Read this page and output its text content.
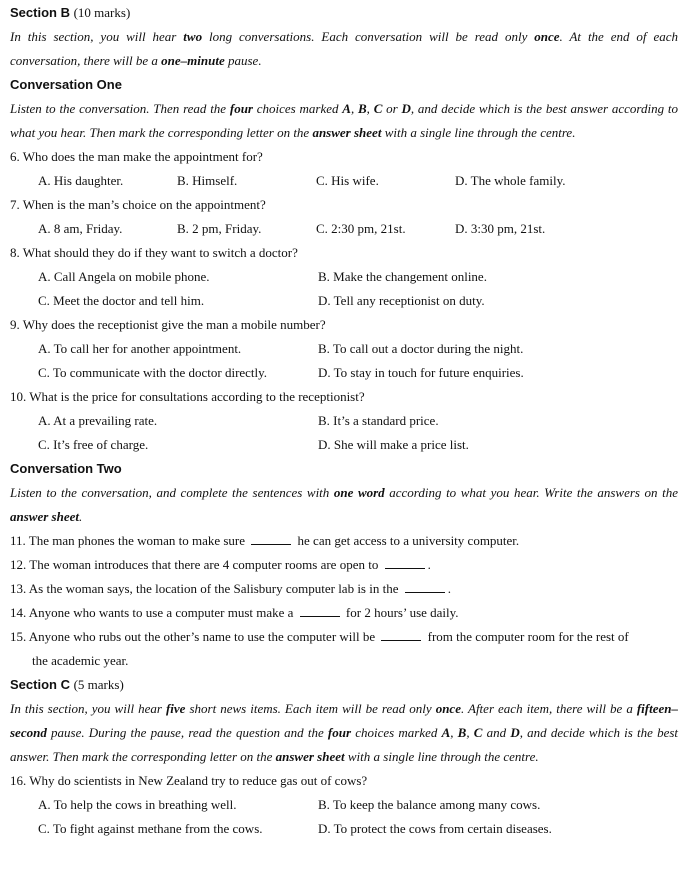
Section B (10 marks)
In this section, you will hear two long conversations. Each conversation will be read only once. At the end of each conversation, there will be a one–minute pause.
Conversation One
Listen to the conversation. Then read the four choices marked A, B, C or D, and decide which is the best answer according to what you hear. Then mark the corresponding letter on the answer sheet with a single line through the centre.
6. Who does the man make the appointment for?
A. His daughter.	B. Himself.	C. His wife.	D. The whole family.
7. When is the man’s choice on the appointment?
A. 8 am, Friday.	B. 2 pm, Friday.	C. 2:30 pm, 21st.	D. 3:30 pm, 21st.
8. What should they do if they want to switch a doctor?
A. Call Angela on mobile phone.	B. Make the changement online.
C. Meet the doctor and tell him.	D. Tell any receptionist on duty.
9. Why does the receptionist give the man a mobile number?
A. To call her for another appointment.	B. To call out a doctor during the night.
C. To communicate with the doctor directly.	D. To stay in touch for future enquiries.
10. What is the price for consultations according to the receptionist?
A. At a prevailing rate.	B. It’s a standard price.
C. It’s free of charge.	D. She will make a price list.
Conversation Two
Listen to the conversation, and complete the sentences with one word according to what you hear. Write the answers on the answer sheet.
11. The man phones the woman to make sure	he can get access to a university computer.
12. The woman introduces that there are 4 computer rooms are open to	.
13. As the woman says, the location of the Salisbury computer lab is in the	.
14. Anyone who wants to use a computer must make a	for 2 hours’ use daily.
15. Anyone who rubs out the other’s name to use the computer will be	from the computer room for the rest of
the academic year.
Section C (5 marks)
In this section, you will hear five short news items. Each item will be read only once. After each item, there will be a fifteen–second pause. During the pause, read the question and the four choices marked A, B, C and D, and decide which is the best answer. Then mark the corresponding letter on the answer sheet with a single line through the centre.
16. Why do scientists in New Zealand try to reduce gas out of cows?
A. To help the cows in breathing well.	B. To keep the balance among many cows.
C. To fight against methane from the cows.	D. To protect the cows from certain diseases.
